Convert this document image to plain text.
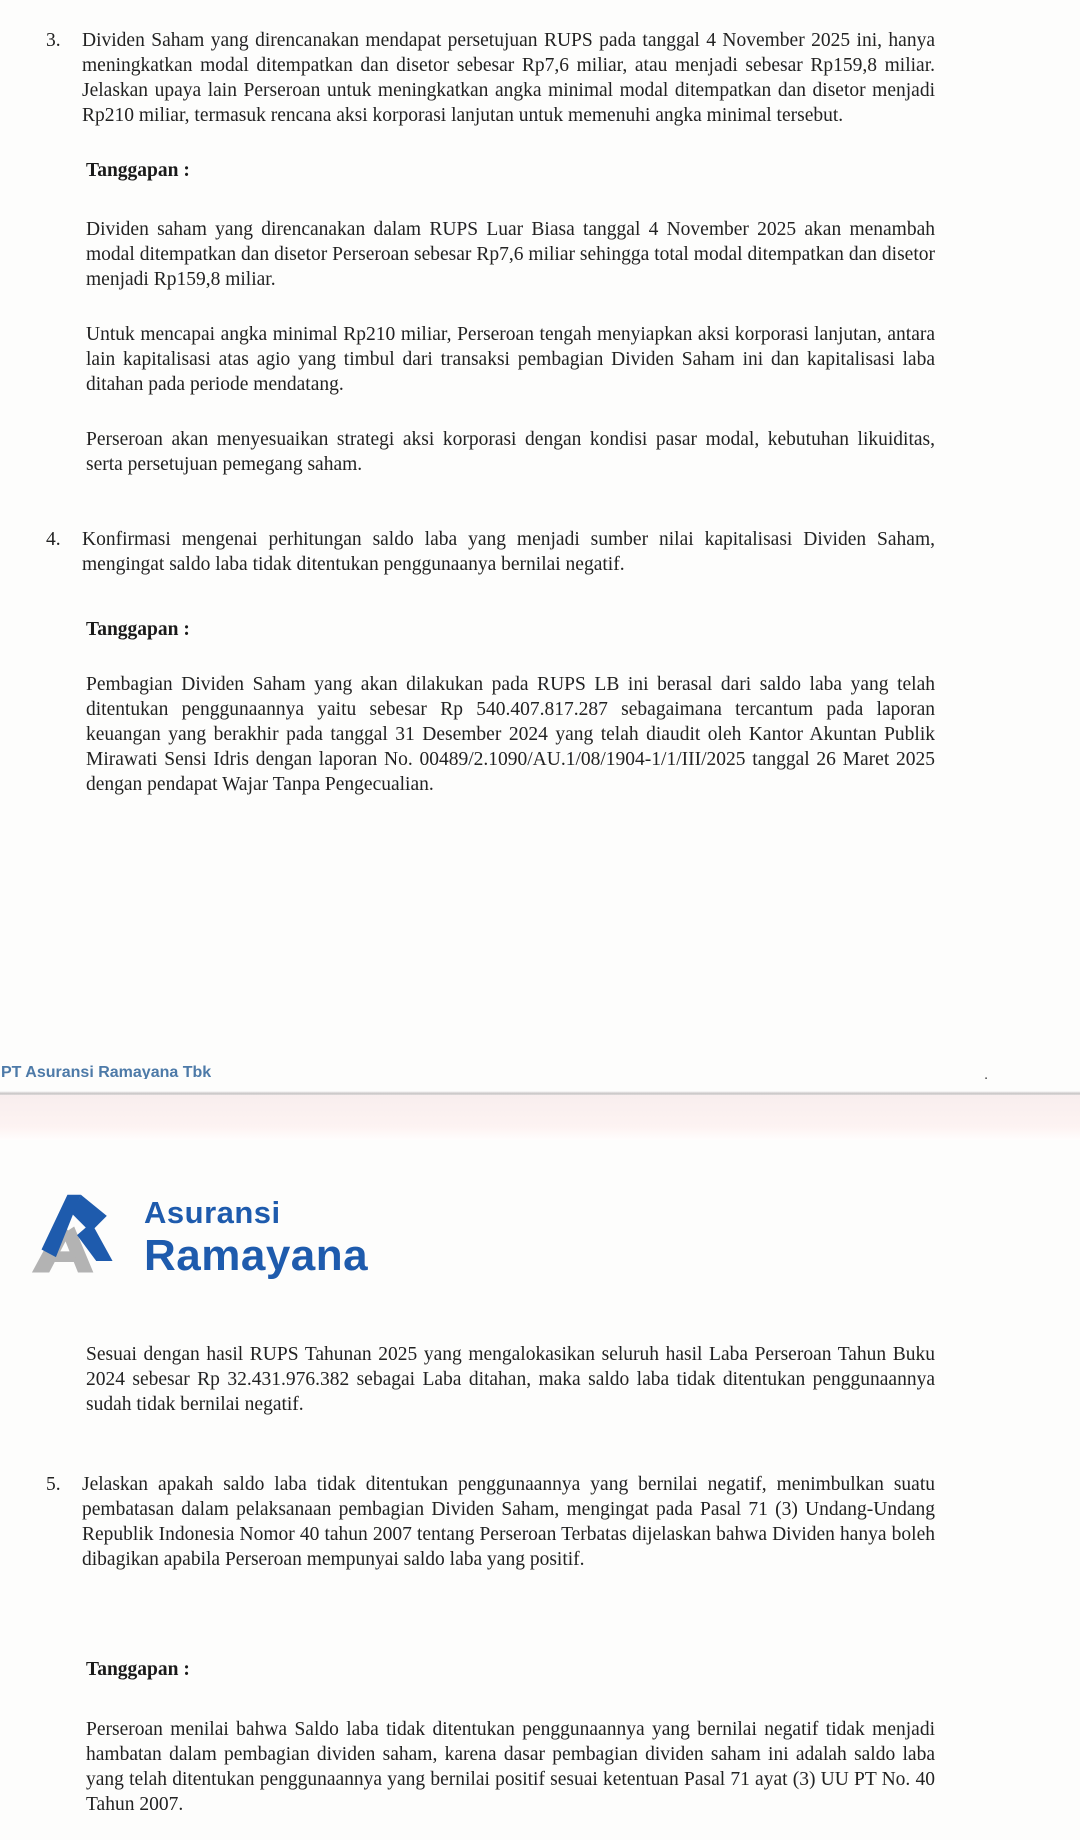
3.	Dividen Saham yang direncanakan mendapat persetujuan RUPS pada tanggal 4 November 2025 ini, hanya meningkatkan modal ditempatkan dan disetor sebesar Rp7,6 miliar, atau menjadi sebesar Rp159,8 miliar. Jelaskan upaya lain Perseroan untuk meningkatkan angka minimal modal ditempatkan dan disetor menjadi Rp210 miliar, termasuk rencana aksi korporasi lanjutan untuk memenuhi angka minimal tersebut.
Tanggapan :
Dividen saham yang direncanakan dalam RUPS Luar Biasa tanggal 4 November 2025 akan menambah modal ditempatkan dan disetor Perseroan sebesar Rp7,6 miliar sehingga total modal ditempatkan dan disetor menjadi Rp159,8 miliar.
Untuk mencapai angka minimal Rp210 miliar, Perseroan tengah menyiapkan aksi korporasi lanjutan, antara lain kapitalisasi atas agio yang timbul dari transaksi pembagian Dividen Saham ini dan kapitalisasi laba ditahan pada periode mendatang.
Perseroan akan menyesuaikan strategi aksi korporasi dengan kondisi pasar modal, kebutuhan likuiditas, serta persetujuan pemegang saham.
4.	Konfirmasi mengenai perhitungan saldo laba yang menjadi sumber nilai kapitalisasi Dividen Saham, mengingat saldo laba tidak ditentukan penggunaanya bernilai negatif.
Tanggapan :
Pembagian Dividen Saham yang akan dilakukan pada RUPS LB ini berasal dari saldo laba yang telah ditentukan penggunaannya yaitu sebesar Rp 540.407.817.287 sebagaimana tercantum pada laporan keuangan yang berakhir pada tanggal 31 Desember 2024 yang telah diaudit oleh Kantor Akuntan Publik Mirawati Sensi Idris dengan laporan No. 00489/2.1090/AU.1/08/1904-1/1/III/2025 tanggal 26 Maret 2025 dengan pendapat Wajar Tanpa Pengecualian.
PT Asuransi Ramayana Tbk	.
Asuransi
Ramayana
Sesuai dengan hasil RUPS Tahunan 2025 yang mengalokasikan seluruh hasil Laba Perseroan Tahun Buku 2024 sebesar Rp 32.431.976.382 sebagai Laba ditahan, maka saldo laba tidak ditentukan penggunaannya sudah tidak bernilai negatif.
5.	Jelaskan apakah saldo laba tidak ditentukan penggunaannya yang bernilai negatif, menimbulkan suatu pembatasan dalam pelaksanaan pembagian Dividen Saham, mengingat pada Pasal 71 (3) Undang-Undang Republik Indonesia Nomor 40 tahun 2007 tentang Perseroan Terbatas dijelaskan bahwa Dividen hanya boleh dibagikan apabila Perseroan mempunyai saldo laba yang positif.
Tanggapan :
Perseroan menilai bahwa Saldo laba tidak ditentukan penggunaannya yang bernilai negatif tidak menjadi hambatan dalam pembagian dividen saham, karena dasar pembagian dividen saham ini adalah saldo laba yang telah ditentukan penggunaannya yang bernilai positif sesuai ketentuan Pasal 71 ayat (3) UU PT No. 40 Tahun 2007.
